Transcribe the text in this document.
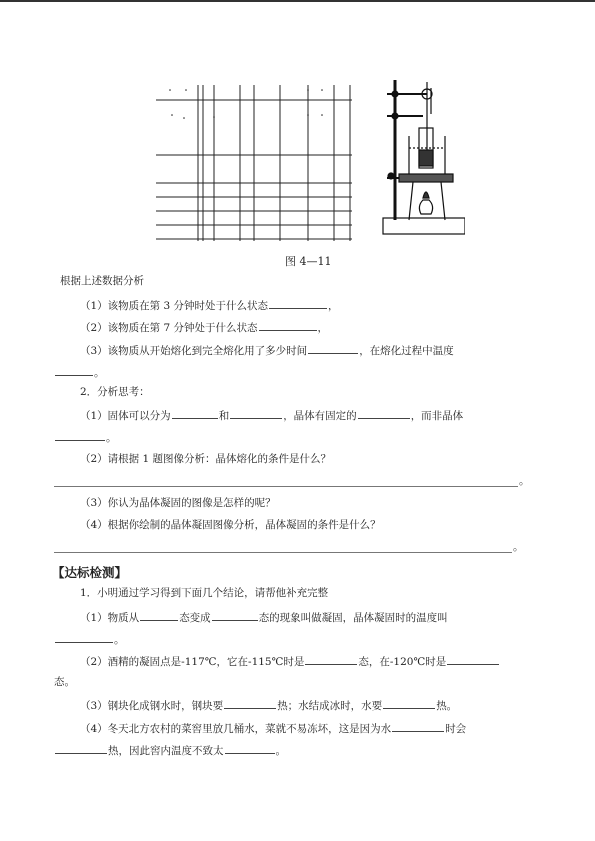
图 4—11
根据上述数据分析
（1）该物质在第 3 分钟时处于什么状态	，
（2）该物质在第 7 分钟处于什么状态	，
（3）该物质从开始熔化到完全熔化用了多少时间	，在熔化过程中温度
。
2．分析思考：
（1）固体可以分为	和	，晶体有固定的	，而非晶体
。
（2）请根据 1 题图像分析：晶体熔化的条件是什么？
。
（3）你认为晶体凝固的图像是怎样的呢？
（4）根据你绘制的晶体凝固图像分析，晶体凝固的条件是什么？
。
【达标检测】
1．小明通过学习得到下面几个结论，请帮他补充完整
（1）物质从	态变成	态的现象叫做凝固，晶体凝固时的温度叫
。
（2）酒精的凝固点是-117℃，它在-115℃时是	态，在-120℃时是
态。
（3）钢块化成钢水时，钢块要	热；水结成冰时，水要	热。
（4）冬天北方农村的菜窖里放几桶水，菜就不易冻坏，这是因为水	时会
热，因此窖内温度不致太	。
